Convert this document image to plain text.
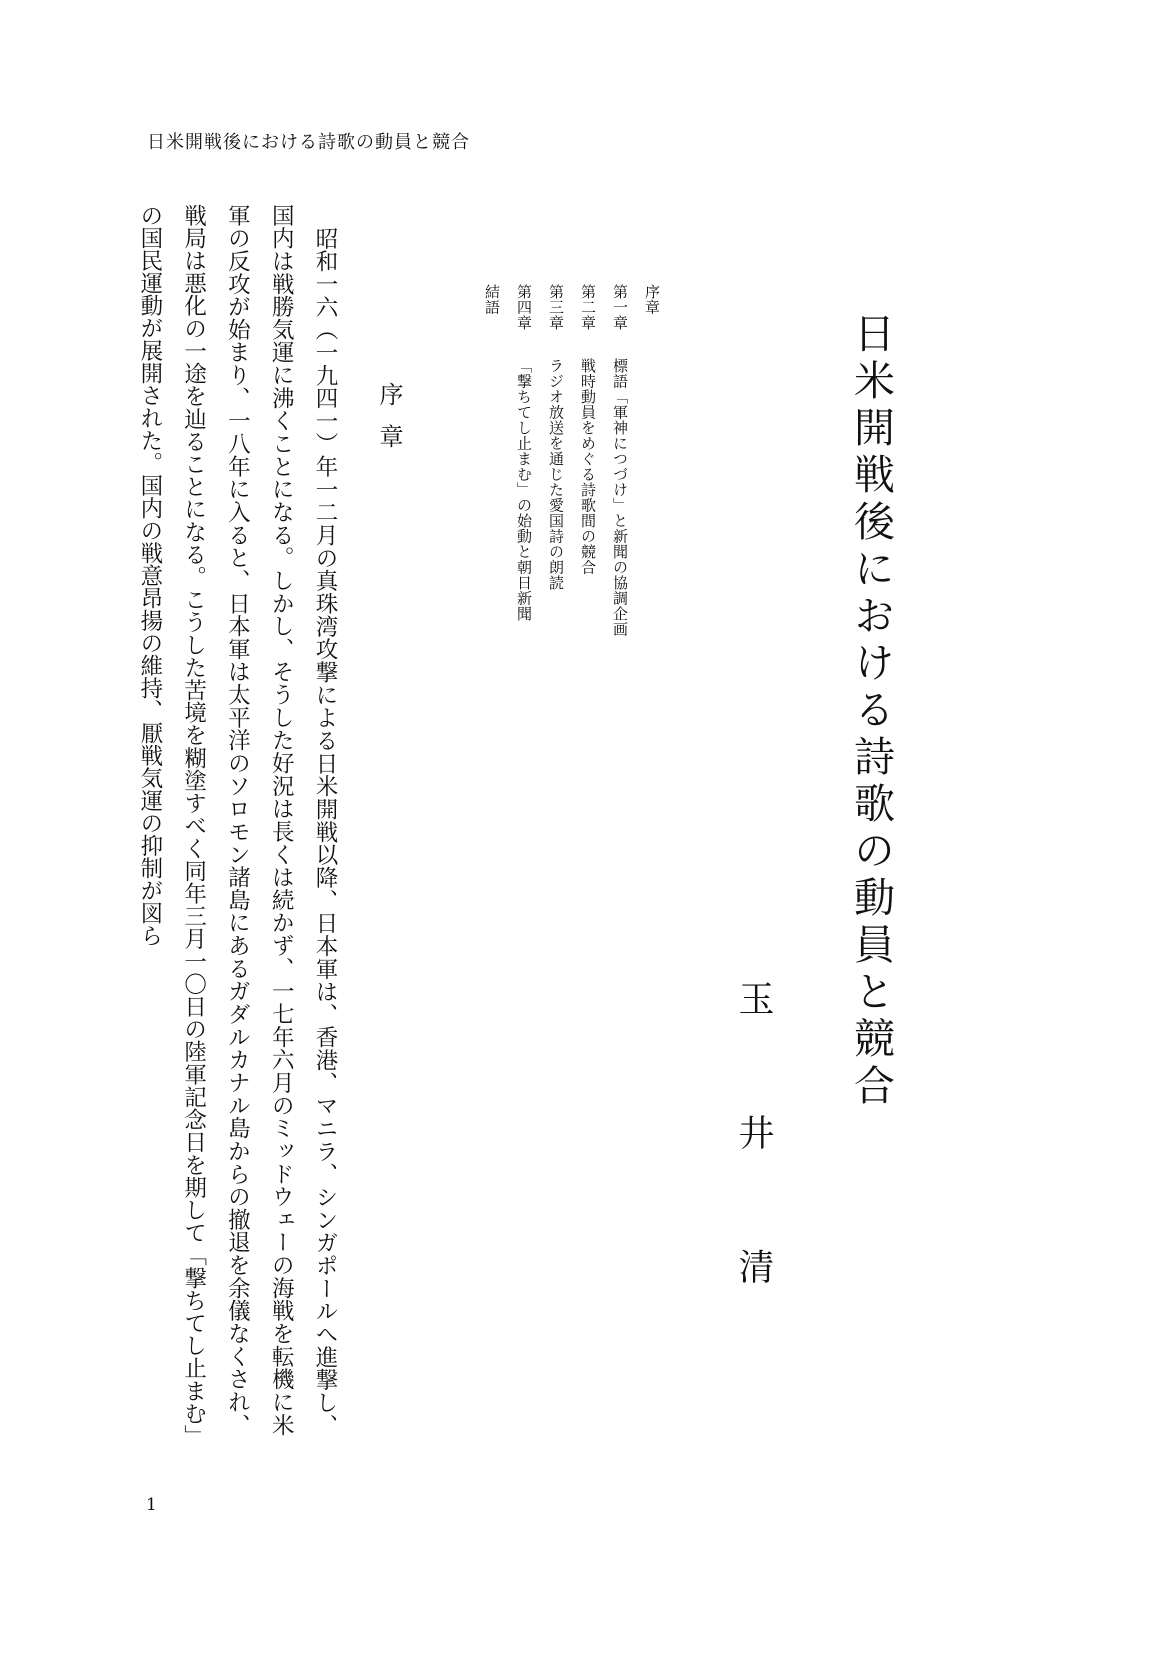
日米開戦後における詩歌の動員と競合
日米開戦後における詩歌の動員と競合
玉井清
序章
第一章標語「軍神につづけ」と新聞の協調企画
第二章戦時動員をめぐる詩歌間の競合
第三章ラジオ放送を通じた愛国詩の朗読
第四章「撃ちてし止まむ」の始動と朝日新聞
結語
序章
昭和一六（一九四一）年一二月の真珠湾攻撃による日米開戦以降、日本軍は、香港、マニラ、シンガポールへ進撃し、国内は戦勝気運に沸くことになる。しかし、そうした好況は長くは続かず、一七年六月のミッドウェーの海戦を転機に米軍の反攻が始まり、一八年に入ると、日本軍は太平洋のソロモン諸島にあるガダルカナル島からの撤退を余儀なくされ、戦局は悪化の一途を辿ることになる。こうした苦境を糊塗すべく同年三月一〇日の陸軍記念日を期して「撃ちてし止まむ」の国民運動が展開された。国内の戦意昂揚の維持、厭戦気運の抑制が図ら
1
